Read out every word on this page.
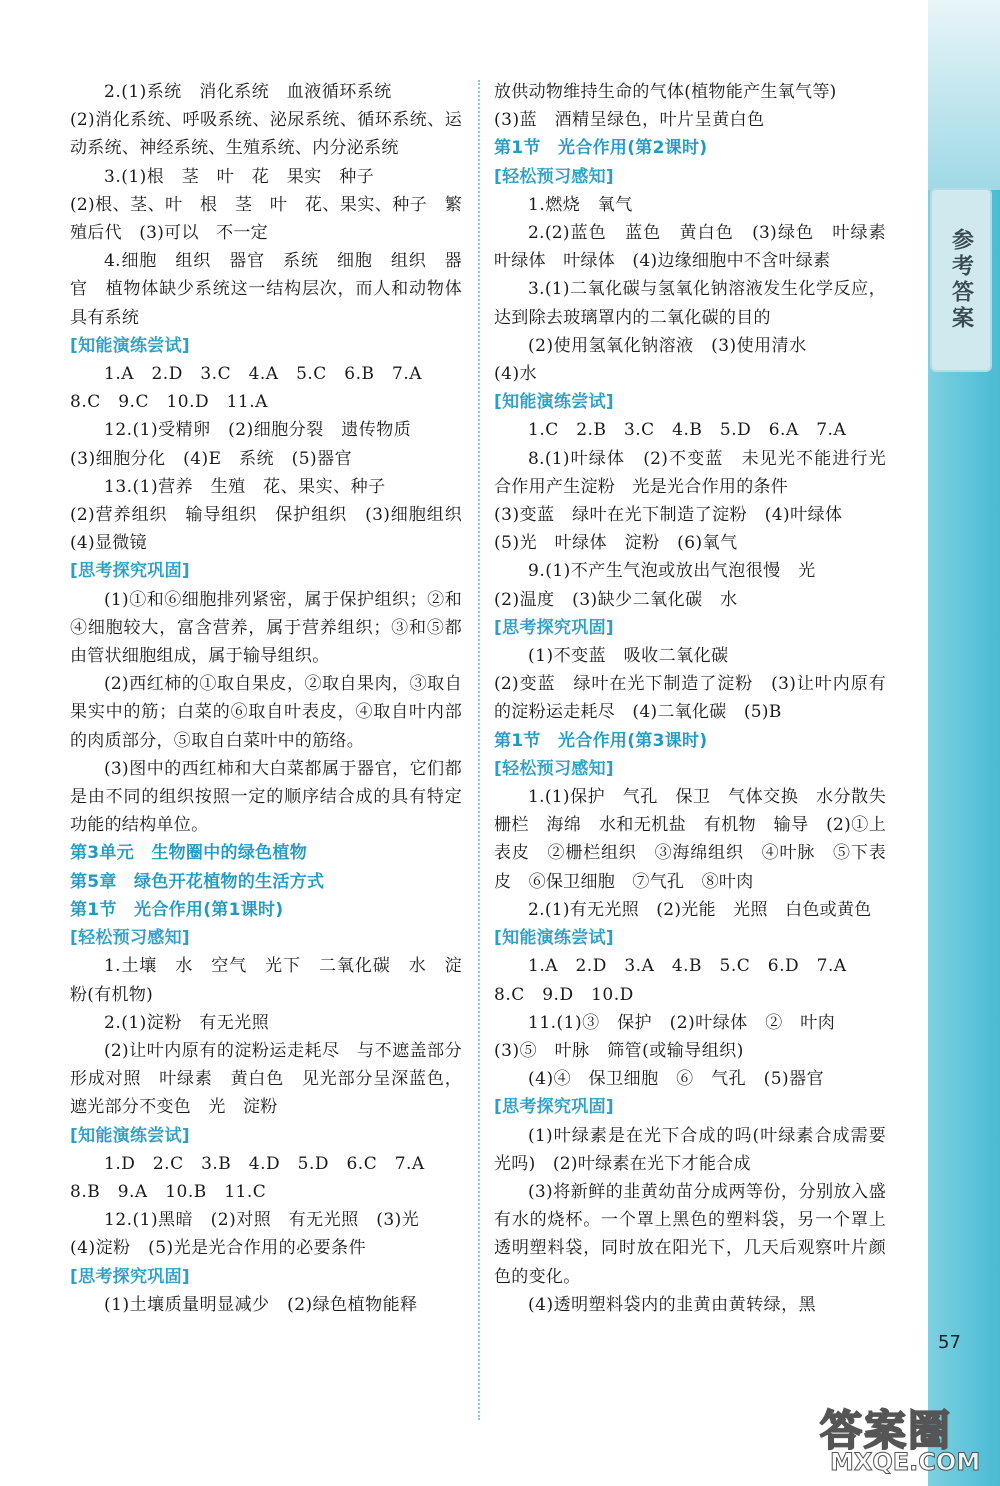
参考答案

2.(1)系统　消化系统　血液循环系统

(2)消化系统、呼吸系统、泌尿系统、循环系统、运动系统、神经系统、生殖系统、内分泌系统

3.(1)根　茎　叶　花　果实　种子

(2)根、茎、叶　根　茎　叶　花、果实、种子　繁殖后代　(3)可以　不一定

4.细胞　组织　器官　系统　细胞　组织　器官　植物体缺少系统这一结构层次，而人和动物体具有系统

[知能演练尝试]

1.A　2.D　3.C　4.A　5.C　6.B　7.A

8.C　9.C　10.D　11.A

12.(1)受精卵　(2)细胞分裂　遗传物质

(3)细胞分化　(4)E　系统　(5)器官

13.(1)营养　生殖　花、果实、种子

(2)营养组织　输导组织　保护组织　(3)细胞组织　(4)显微镜

[思考探究巩固]

(1)①和⑥细胞排列紧密，属于保护组织；②和④细胞较大，富含营养，属于营养组织；③和⑤都由管状细胞组成，属于输导组织。

(2)西红柿的①取自果皮，②取自果肉，③取自果实中的筋；白菜的⑥取自叶表皮，④取自叶内部的肉质部分，⑤取自白菜叶中的筋络。

(3)图中的西红柿和大白菜都属于器官，它们都是由不同的组织按照一定的顺序结合成的具有特定功能的结构单位。

第3单元　生物圈中的绿色植物

第5章　绿色开花植物的生活方式

第1节　光合作用(第1课时)

[轻松预习感知]

1.土壤　水　空气　光下　二氧化碳　水　淀粉(有机物)

2.(1)淀粉　有无光照

(2)让叶内原有的淀粉运走耗尽　与不遮盖部分形成对照　叶绿素　黄白色　见光部分呈深蓝色，遮光部分不变色　光　淀粉

[知能演练尝试]

1.D　2.C　3.B　4.D　5.D　6.C　7.A

8.B　9.A　10.B　11.C

12.(1)黑暗　(2)对照　有无光照　(3)光

(4)淀粉　(5)光是光合作用的必要条件

[思考探究巩固]

(1)土壤质量明显减少　(2)绿色植物能释

放供动物维持生命的气体(植物能产生氧气等)

(3)蓝　酒精呈绿色，叶片呈黄白色

第1节　光合作用(第2课时)

[轻松预习感知]

1.燃烧　氧气

2.(2)蓝色　蓝色　黄白色　(3)绿色　叶绿素　叶绿体　叶绿体　(4)边缘细胞中不含叶绿素

3.(1)二氧化碳与氢氧化钠溶液发生化学反应，达到除去玻璃罩内的二氧化碳的目的

(2)使用氢氧化钠溶液　(3)使用清水

(4)水

[知能演练尝试]

1.C　2.B　3.C　4.B　5.D　6.A　7.A

8.(1)叶绿体　(2)不变蓝　未见光不能进行光合作用产生淀粉　光是光合作用的条件

(3)变蓝　绿叶在光下制造了淀粉　(4)叶绿体

(5)光　叶绿体　淀粉　(6)氧气

9.(1)不产生气泡或放出气泡很慢　光

(2)温度　(3)缺少二氧化碳　水

[思考探究巩固]

(1)不变蓝　吸收二氧化碳

(2)变蓝　绿叶在光下制造了淀粉　(3)让叶内原有的淀粉运走耗尽　(4)二氧化碳　(5)B

第1节　光合作用(第3课时)

[轻松预习感知]

1.(1)保护　气孔　保卫　气体交换　水分散失　栅栏　海绵　水和无机盐　有机物　输导　(2)①上表皮　②栅栏组织　③海绵组织　④叶脉　⑤下表皮　⑥保卫细胞　⑦气孔　⑧叶肉

2.(1)有无光照　(2)光能　光照　白色或黄色

[知能演练尝试]

1.A　2.D　3.A　4.B　5.C　6.D　7.A

8.C　9.D　10.D

11.(1)③　保护　(2)叶绿体　②　叶肉

(3)⑤　叶脉　筛管(或输导组织)

(4)④　保卫细胞　⑥　气孔　(5)器官

[思考探究巩固]

(1)叶绿素是在光下合成的吗(叶绿素合成需要光吗)　(2)叶绿素在光下才能合成

(3)将新鲜的韭黄幼苗分成两等份，分别放入盛有水的烧杯。一个罩上黑色的塑料袋，另一个罩上透明塑料袋，同时放在阳光下，几天后观察叶片颜色的变化。

(4)透明塑料袋内的韭黄由黄转绿，黑

57
答案圈
MXQE.COM
